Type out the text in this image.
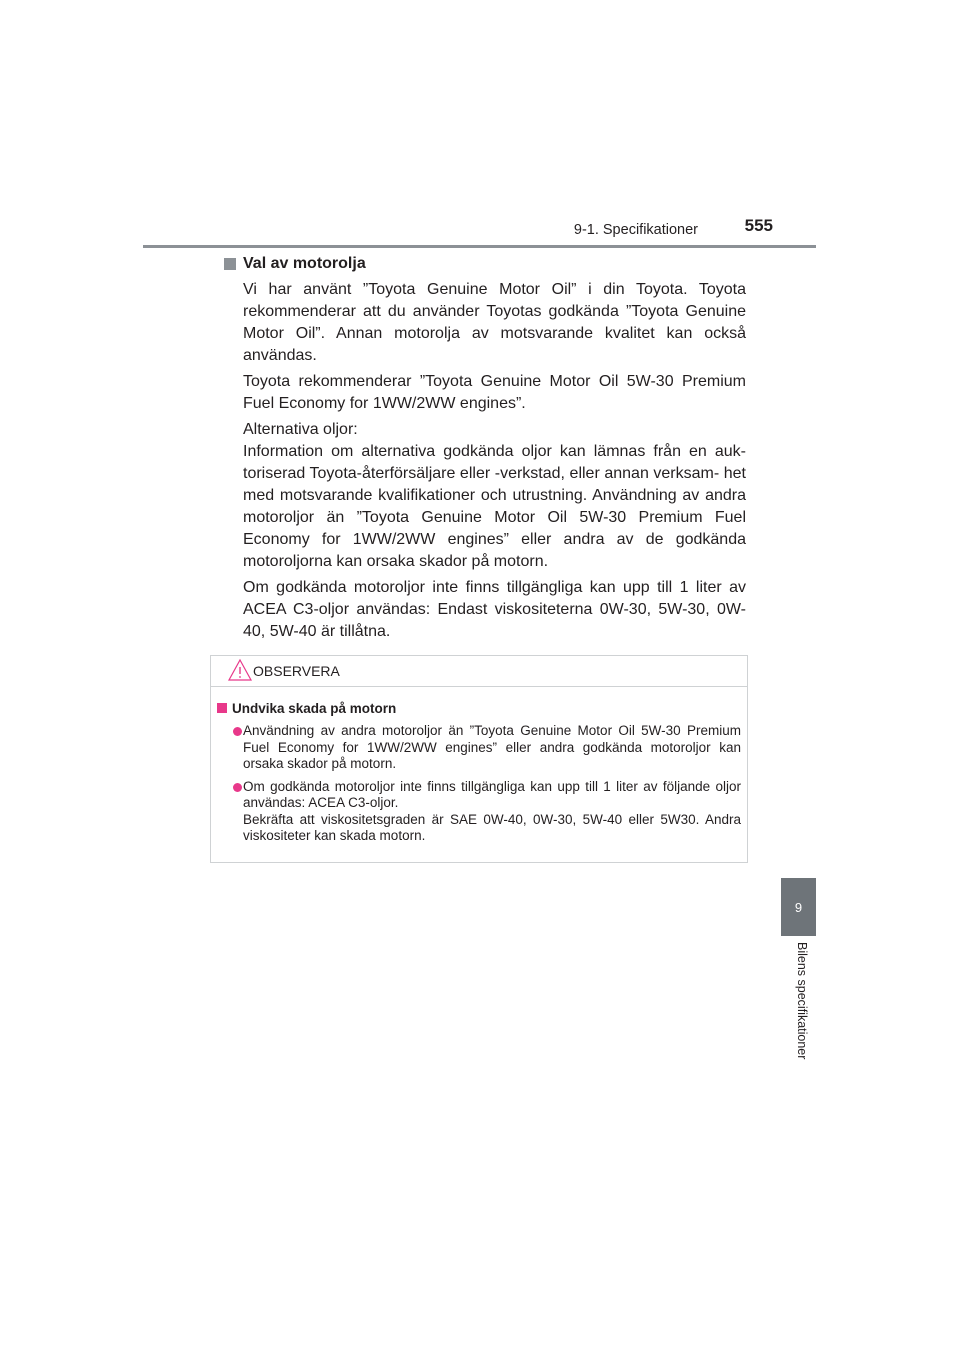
9-1. Specifikationer	555
9
Bilens specifikationer
Val av motorolja

Vi har använt ”Toyota Genuine Motor Oil” i din Toyota. Toyota rekommenderar att du använder Toyotas godkända ”Toyota Genuine Motor Oil”. Annan motorolja av motsvarande kvalitet kan också användas.

Toyota rekommenderar ”Toyota Genuine Motor Oil 5W-30 Premium Fuel Economy for 1WW/2WW engines”.

Alternativa oljor:

Information om alternativa godkända oljor kan lämnas från en auk- toriserad Toyota-återförsäljare eller -verkstad, eller annan verksam- het med motsvarande kvalifikationer och utrustning. Användning av andra motoroljor än ”Toyota Genuine Motor Oil 5W-30 Premium Fuel Economy for 1WW/2WW engines” eller andra av de godkända motoroljorna kan orsaka skador på motorn.

Om godkända motoroljor inte finns tillgängliga kan upp till 1 liter av ACEA C3-oljor användas: Endast viskositeterna 0W-30, 5W-30, 0W-40, 5W-40 är tillåtna.

OBSERVERA
Undvika skada på motorn

Användning av andra motoroljor än ”Toyota Genuine Motor Oil 5W-30 Premium Fuel Economy for 1WW/2WW engines” eller andra godkända motoroljor kan orsaka skador på motorn.

Om godkända motoroljor inte finns tillgängliga kan upp till 1 liter av följande oljor användas: ACEA C3-oljor.

Bekräfta att viskositetsgraden är SAE 0W-40, 0W-30, 5W-40 eller 5W30. Andra viskositeter kan skada motorn.
